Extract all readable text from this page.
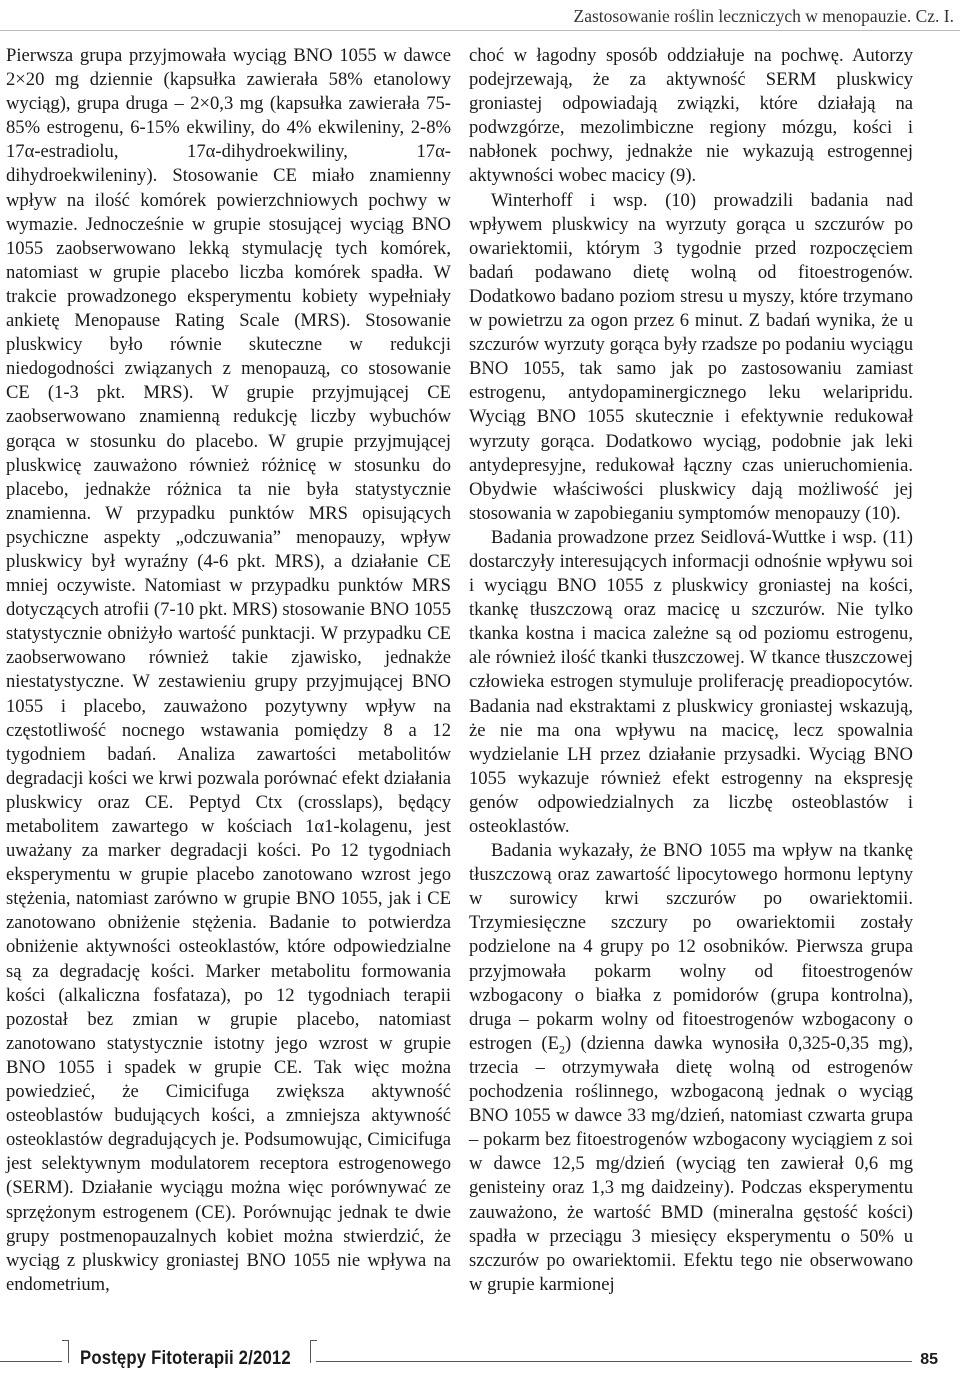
Zastosowanie roślin leczniczych w menopauzie. Cz. I.

Pierwsza grupa przyjmowała wyciąg BNO 1055 w dawce 2×20 mg dziennie (kapsułka zawierała 58% etanolowy wyciąg), grupa druga – 2×0,3 mg (kapsułka zawierała 75-85% estrogenu, 6-15% ekwiliny, do 4% ekwileniny, 2-8% 17α-estradiolu, 17α-dihydroekwiliny, 17α-dihydroekwileniny). Stosowanie CE miało znamienny wpływ na ilość komórek powierzchniowych pochwy w wymazie. Jednocześnie w grupie stosującej wyciąg BNO 1055 zaobserwowano lekką stymulację tych komórek, natomiast w grupie placebo liczba komórek spadła. W trakcie prowadzonego eksperymentu kobiety wypełniały ankietę Menopause Rating Scale (MRS). Stosowanie pluskwicy było równie skuteczne w redukcji niedogodności związanych z menopauzą, co stosowanie CE (1-3 pkt. MRS). W grupie przyjmującej CE zaobserwowano znamienną redukcję liczby wybuchów gorąca w stosunku do placebo. W grupie przyjmującej pluskwicę zauważono również różnicę w stosunku do placebo, jednakże różnica ta nie była statystycznie znamienna. W przypadku punktów MRS opisujących psychiczne aspekty „odczuwania” menopauzy, wpływ pluskwicy był wyraźny (4-6 pkt. MRS), a działanie CE mniej oczywiste. Natomiast w przypadku punktów MRS dotyczących atrofii (7-10 pkt. MRS) stosowanie BNO 1055 statystycznie obniżyło wartość punktacji. W przypadku CE zaobserwowano również takie zjawisko, jednakże niestatystyczne. W zestawieniu grupy przyjmującej BNO 1055 i placebo, zauważono pozytywny wpływ na częstotliwość nocnego wstawania pomiędzy 8 a 12 tygodniem badań. Analiza zawartości metabolitów degradacji kości we krwi pozwala porównać efekt działania pluskwicy oraz CE. Peptyd Ctx (crosslaps), będący metabolitem zawartego w kościach 1α1-kolagenu, jest uważany za marker degradacji kości. Po 12 tygodniach eksperymentu w grupie placebo zanotowano wzrost jego stężenia, natomiast zarówno w grupie BNO 1055, jak i CE zanotowano obniżenie stężenia. Badanie to potwierdza obniżenie aktywności osteoklastów, które odpowiedzialne są za degradację kości. Marker metabolitu formowania kości (alkaliczna fosfataza), po 12 tygodniach terapii pozostał bez zmian w grupie placebo, natomiast zanotowano statystycznie istotny jego wzrost w grupie BNO 1055 i spadek w grupie CE. Tak więc można powiedzieć, że Cimicifuga zwiększa aktywność osteoblastów budujących kości, a zmniejsza aktywność osteoklastów degradujących je. Podsumowując, Cimicifuga jest selektywnym modulatorem receptora estrogenowego (SERM). Działanie wyciągu można więc porównywać ze sprzężonym estrogenem (CE). Porównując jednak te dwie grupy postmenopauzalnych kobiet można stwierdzić, że wyciąg z pluskwicy groniastej BNO 1055 nie wpływa na endometrium,

choć w łagodny sposób oddziałuje na pochwę. Autorzy podejrzewają, że za aktywność SERM pluskwicy groniastej odpowiadają związki, które działają na podwzgórze, mezolimbiczne regiony mózgu, kości i nabłonek pochwy, jednakże nie wykazują estrogennej aktywności wobec macicy (9).

Winterhoff i wsp. (10) prowadzili badania nad wpływem pluskwicy na wyrzuty gorąca u szczurów po owariektomii, którym 3 tygodnie przed rozpoczęciem badań podawano dietę wolną od fitoestrogenów. Dodatkowo badano poziom stresu u myszy, które trzymano w powietrzu za ogon przez 6 minut. Z badań wynika, że u szczurów wyrzuty gorąca były rzadsze po podaniu wyciągu BNO 1055, tak samo jak po zastosowaniu zamiast estrogenu, antydopaminergicznego leku welaripridu. Wyciąg BNO 1055 skutecznie i efektywnie redukował wyrzuty gorąca. Dodatkowo wyciąg, podobnie jak leki antydepresyjne, redukował łączny czas unieruchomienia. Obydwie właściwości pluskwicy dają możliwość jej stosowania w zapobieganiu symptomów menopauzy (10).

Badania prowadzone przez Seidlová-Wuttke i wsp. (11) dostarczyły interesujących informacji odnośnie wpływu soi i wyciągu BNO 1055 z pluskwicy groniastej na kości, tkankę tłuszczową oraz macicę u szczurów. Nie tylko tkanka kostna i macica zależne są od poziomu estrogenu, ale również ilość tkanki tłuszczowej. W tkance tłuszczowej człowieka estrogen stymuluje proliferację preadiopocytów. Badania nad ekstraktami z pluskwicy groniastej wskazują, że nie ma ona wpływu na macicę, lecz spowalnia wydzielanie LH przez działanie przysadki. Wyciąg BNO 1055 wykazuje również efekt estrogenny na ekspresję genów odpowiedzialnych za liczbę osteoblastów i osteoklastów.

Badania wykazały, że BNO 1055 ma wpływ na tkankę tłuszczową oraz zawartość lipocytowego hormonu leptyny w surowicy krwi szczurów po owariektomii. Trzymiesięczne szczury po owariektomii zostały podzielone na 4 grupy po 12 osobników. Pierwsza grupa przyjmowała pokarm wolny od fitoestrogenów wzbogacony o białka z pomidorów (grupa kontrolna), druga – pokarm wolny od fitoestrogenów wzbogacony o estrogen $(E_2)$ (dzienna dawka wynosiła 0,325-0,35 mg), trzecia – otrzymywała dietę wolną od estrogenów pochodzenia roślinnego, wzbogaconą jednak o wyciąg BNO 1055 w dawce 33 mg/dzień, natomiast czwarta grupa – pokarm bez fitoestrogenów wzbogacony wyciągiem z soi w dawce 12,5 mg/dzień (wyciąg ten zawierał 0,6 mg genisteiny oraz 1,3 mg daidzeiny). Podczas eksperymentu zauważono, że wartość BMD (mineralna gęstość kości) spadła w przeciągu 3 miesięcy eksperymentu o 50% u szczurów po owariektomii. Efektu tego nie obserwowano w grupie karmionej

Postępy Fitoterapii 2/2012	85
